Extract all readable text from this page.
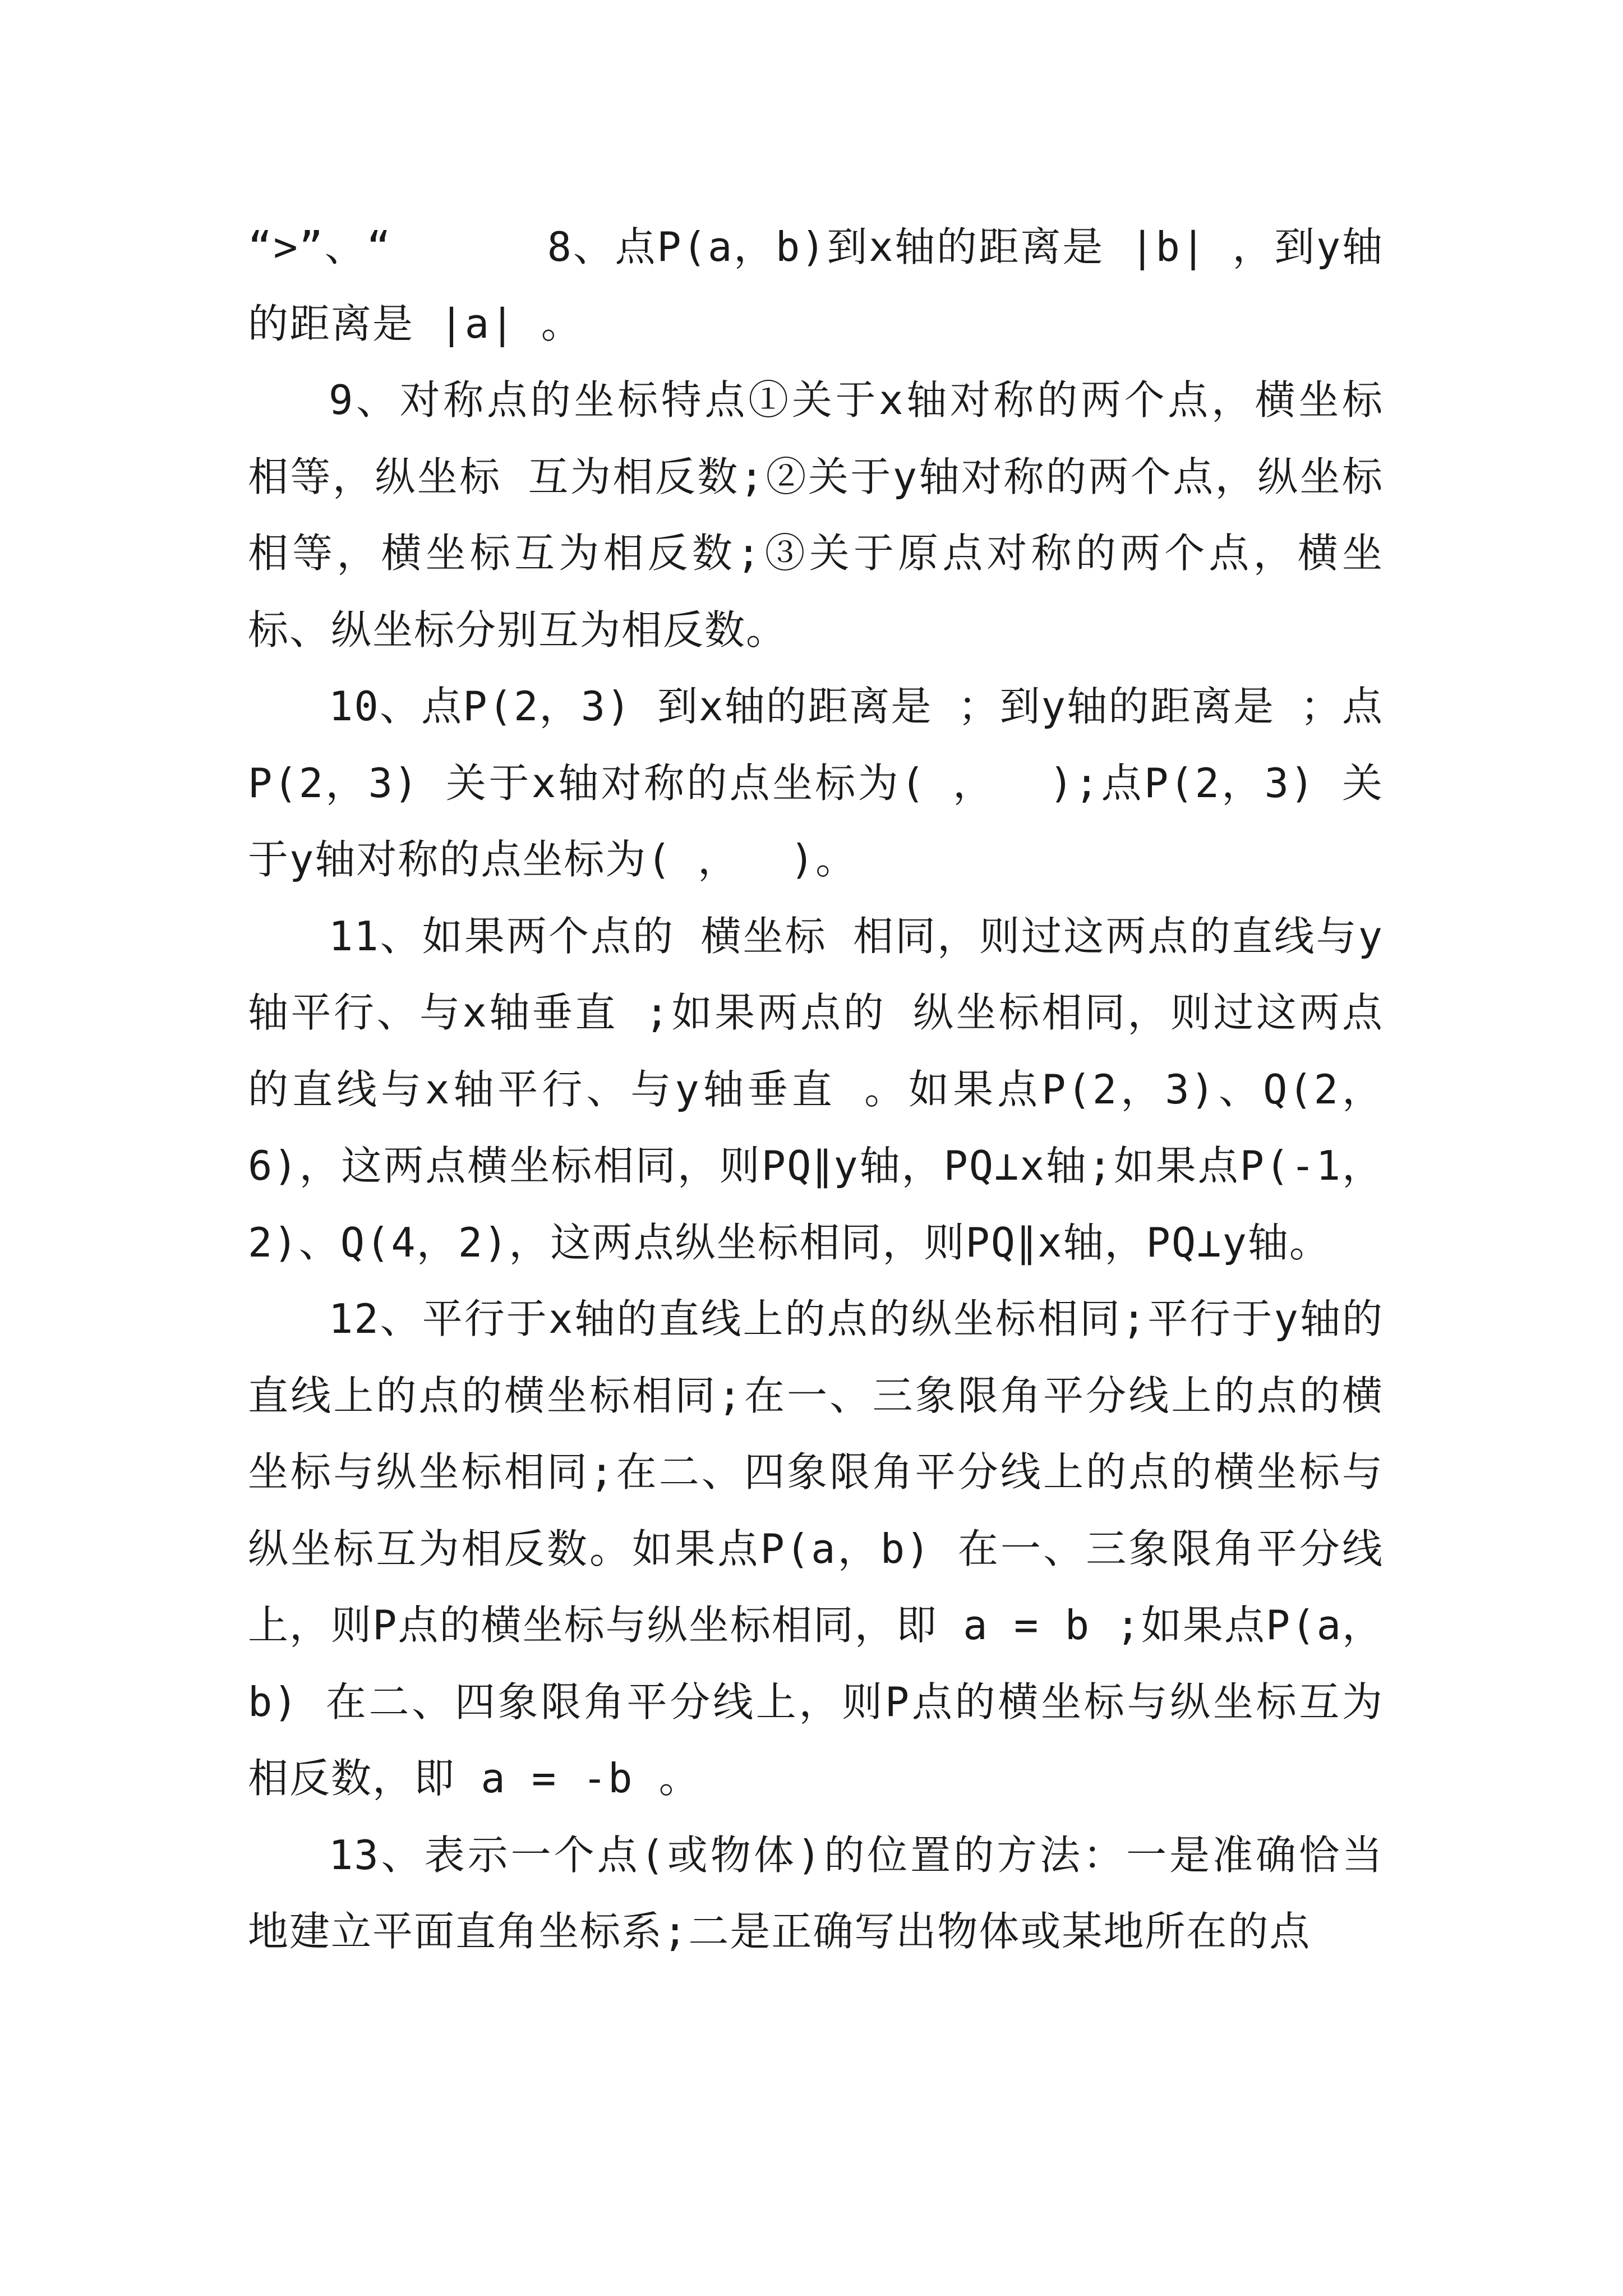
“>”、“      8、点P(a，b)到x轴的距离是 |b| ，到y轴的距离是 |a| 。

9、对称点的坐标特点①关于x轴对称的两个点，横坐标 相等，纵坐标 互为相反数;②关于y轴对称的两个点，纵坐标相等，横坐标互为相反数;③关于原点对称的两个点，横坐标、纵坐标分别互为相反数。

10、点P(2，3) 到x轴的距离是 ；到y轴的距离是 ；点P(2，3) 关于x轴对称的点坐标为( ，  );点P(2，3) 关于y轴对称的点坐标为( ，  )。

11、如果两个点的 横坐标 相同，则过这两点的直线与y轴平行、与x轴垂直 ;如果两点的 纵坐标相同，则过这两点的直线与x轴平行、与y轴垂直 。如果点P(2，3)、Q(2，6)，这两点横坐标相同，则PQ∥y轴，PQ⊥x轴;如果点P(-1，2)、Q(4，2)，这两点纵坐标相同，则PQ∥x轴，PQ⊥y轴。

12、平行于x轴的直线上的点的纵坐标相同;平行于y轴的直线上的点的横坐标相同;在一、三象限角平分线上的点的横坐标与纵坐标相同;在二、四象限角平分线上的点的横坐标与纵坐标互为相反数。如果点P(a，b) 在一、三象限角平分线上，则P点的横坐标与纵坐标相同，即 a = b ;如果点P(a，b) 在二、四象限角平分线上，则P点的横坐标与纵坐标互为相反数，即 a = -b 。

13、表示一个点(或物体)的位置的方法：一是准确恰当地建立平面直角坐标系;二是正确写出物体或某地所在的点
